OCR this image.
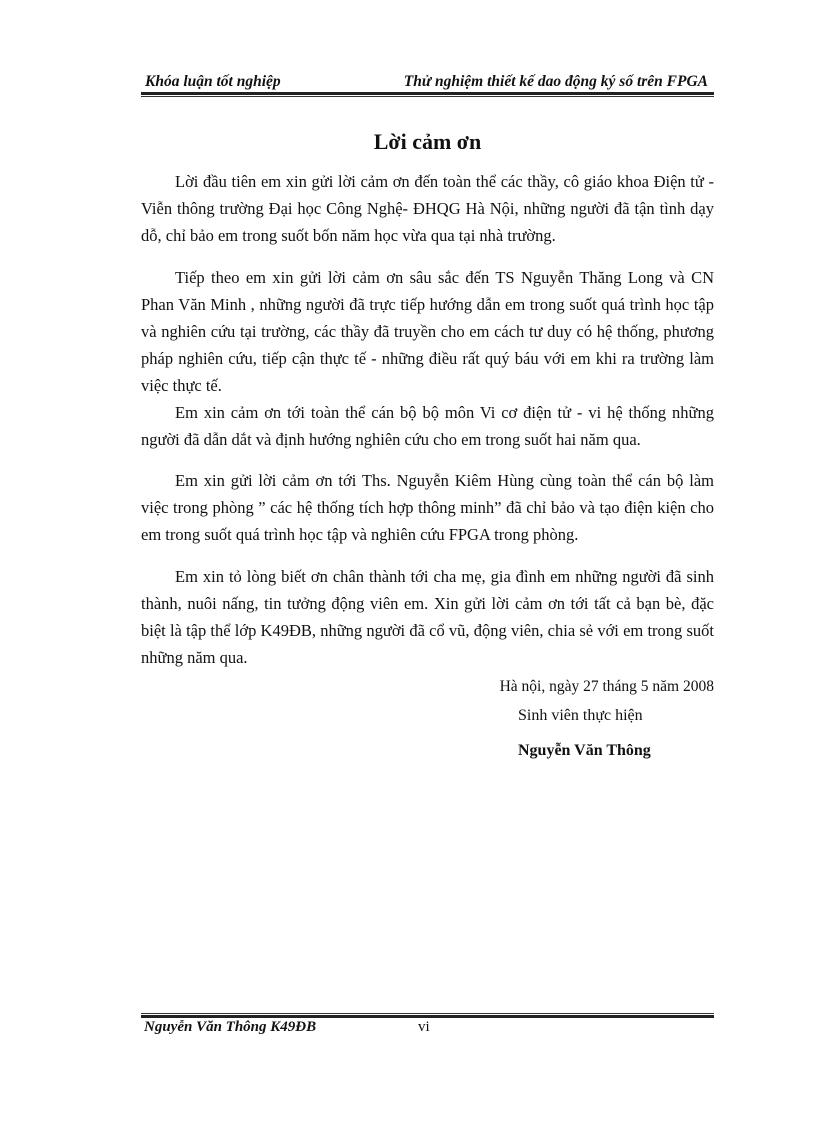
Khóa luận tốt nghiệp	Thử nghiệm thiết kế dao động ký số trên FPGA
Lời cảm ơn

Lời đầu tiên em xin gửi lời cảm ơn đến toàn thể các thầy, cô giáo khoa Điện tử - Viễn thông trường Đại học Công Nghệ- ĐHQG Hà Nội, những người đã tận tình dạy dỗ, chỉ bảo em trong suốt bốn năm học vừa qua tại nhà trường.

Tiếp theo em xin gửi lời cảm ơn sâu sắc đến TS Nguyễn Thăng Long và CN Phan Văn Minh , những người đã trực tiếp hướng dẫn em trong suốt quá trình học tập và nghiên cứu tại trường, các thầy đã truyền cho em cách tư duy có hệ thống, phương pháp nghiên cứu, tiếp cận thực tế - những điều rất quý báu với em khi ra trường làm việc thực tế.

Em xin cảm ơn tới toàn thể cán bộ bộ môn Vi cơ điện tử - vi hệ thống những người đã dẫn dắt và định hướng nghiên cứu cho em trong suốt hai năm qua.

Em xin gửi lời cảm ơn tới Ths. Nguyễn Kiêm Hùng cùng toàn thể cán bộ làm việc trong phòng ” các hệ thống tích hợp thông minh” đã chỉ bảo và tạo điện kiện cho em trong suốt quá trình học tập và nghiên cứu FPGA trong phòng.

Em xin tỏ lòng biết ơn chân thành tới cha mẹ, gia đình em những người đã sinh thành, nuôi nấng, tin tưởng động viên em. Xin gửi lời cảm ơn tới tất cả bạn bè, đặc biệt là tập thể lớp K49ĐB, những người đã cổ vũ, động viên, chia sẻ với em trong suốt những năm qua.

Hà nội, ngày 27 tháng 5 năm 2008
Sinh viên thực hiện
Nguyễn Văn Thông
Nguyễn Văn Thông K49ĐB	vi
